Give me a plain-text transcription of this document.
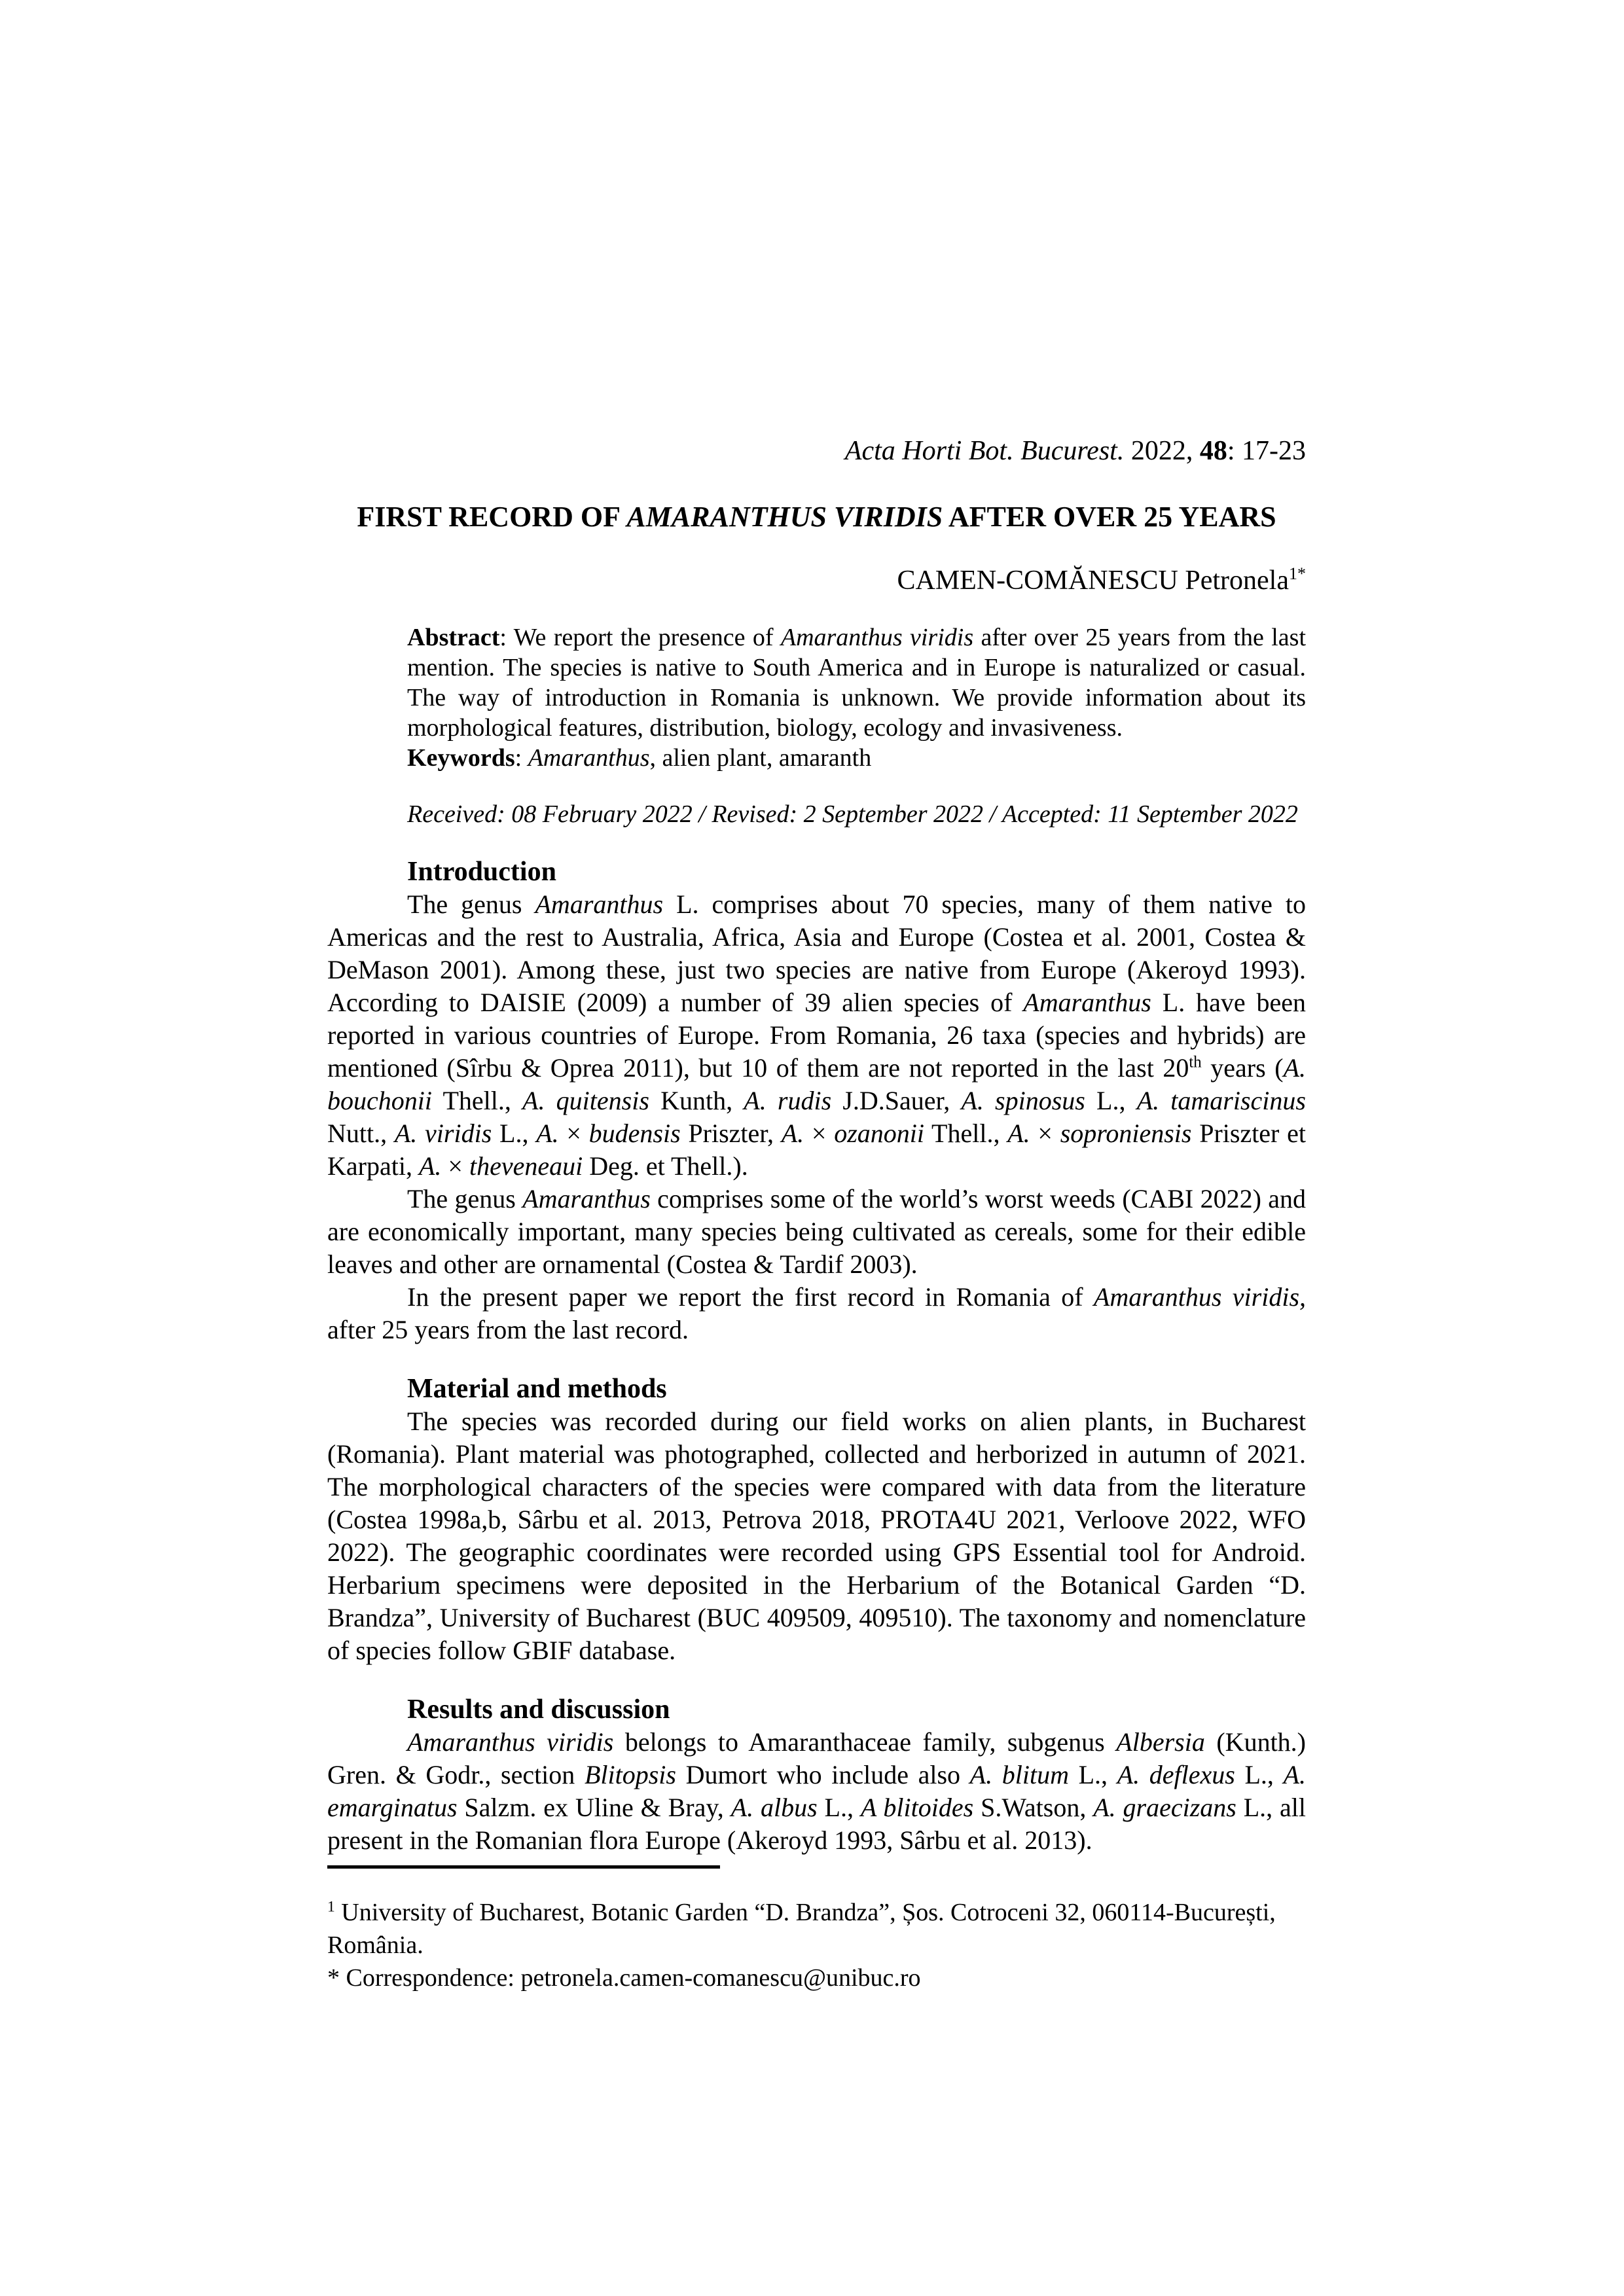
Acta Horti Bot. Bucurest. 2022, 48: 17-23
FIRST RECORD OF AMARANTHUS VIRIDIS AFTER OVER 25 YEARS
CAMEN-COMĂNESCU Petronela$^{1*}$

Abstract: We report the presence of Amaranthus viridis after over 25 years from the last mention. The species is native to South America and in Europe is naturalized or casual. The way of introduction in Romania is unknown. We provide information about its morphological features, distribution, biology, ecology and invasiveness.

Keywords: Amaranthus, alien plant, amaranth

Received: 08 February 2022 / Revised: 2 September 2022 / Accepted: 11 September 2022
Introduction

The genus Amaranthus L. comprises about 70 species, many of them native to Americas and the rest to Australia, Africa, Asia and Europe (Costea et al. 2001, Costea & DeMason 2001). Among these, just two species are native from Europe (Akeroyd 1993). According to DAISIE (2009) a number of 39 alien species of Amaranthus L. have been reported in various countries of Europe. From Romania, 26 taxa (species and hybrids) are mentioned (Sîrbu & Oprea 2011), but 10 of them are not reported in the last 20th years (A. bouchonii Thell., A. quitensis Kunth, A. rudis J.D.Sauer, A. spinosus L., A. tamariscinus Nutt., A. viridis L., A. × budensis Priszter, A. × ozanonii Thell., A. × soproniensis Priszter et Karpati, A. × theveneaui Deg. et Thell.).

The genus Amaranthus comprises some of the world’s worst weeds (CABI 2022) and are economically important, many species being cultivated as cereals, some for their edible leaves and other are ornamental (Costea & Tardif 2003).

In the present paper we report the first record in Romania of Amaranthus viridis, after 25 years from the last record.

Material and methods

The species was recorded during our field works on alien plants, in Bucharest (Romania). Plant material was photographed, collected and herborized in autumn of 2021. The morphological characters of the species were compared with data from the literature (Costea 1998a,b, Sârbu et al. 2013, Petrova 2018, PROTA4U 2021, Verloove 2022, WFO 2022). The geographic coordinates were recorded using GPS Essential tool for Android. Herbarium specimens were deposited in the Herbarium of the Botanical Garden “D. Brandza”, University of Bucharest (BUC 409509, 409510). The taxonomy and nomenclature of species follow GBIF database.

Results and discussion

Amaranthus viridis belongs to Amaranthaceae family, subgenus Albersia (Kunth.) Gren. & Godr., section Blitopsis Dumort who include also A. blitum L., A. deflexus L., A. emarginatus Salzm. ex Uline & Bray, A. albus L., A blitoides S.Watson, A. graecizans L., all present in the Romanian flora Europe (Akeroyd 1993, Sârbu et al. 2013).

$^1$ University of Bucharest, Botanic Garden “D. Brandza”, Șos. Cotroceni 32, 060114-București, România.

* Correspondence: petronela.camen-comanescu@unibuc.ro
